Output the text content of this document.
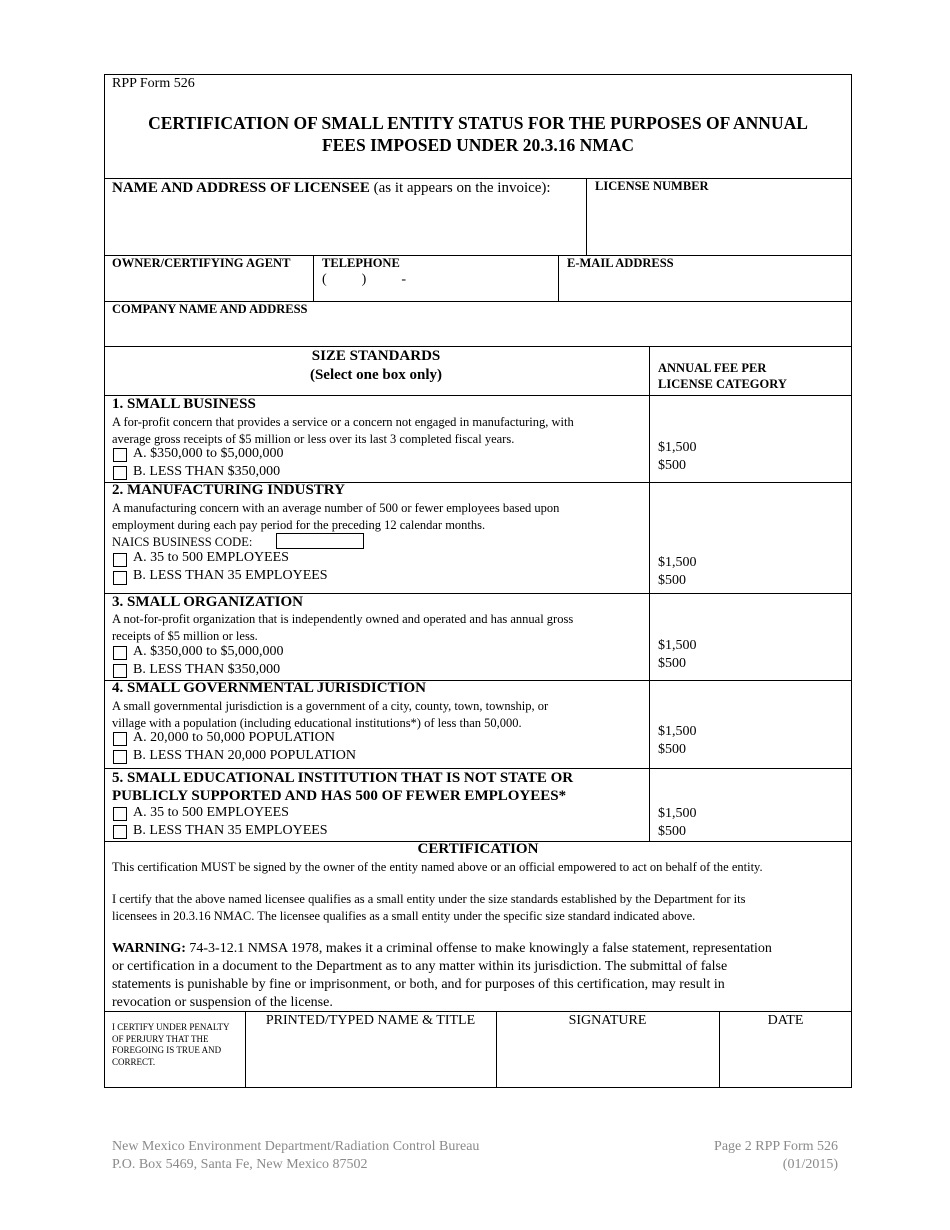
RPP Form 526
CERTIFICATION OF SMALL ENTITY STATUS FOR THE PURPOSES OF ANNUAL
FEES IMPOSED UNDER 20.3.16 NMAC
NAME AND ADDRESS OF LICENSEE (as it appears on the invoice):	LICENSE NUMBER
OWNER/CERTIFYING AGENT	TELEPHONE
(          )          -
E-MAIL ADDRESS
COMPANY NAME AND ADDRESS
SIZE STANDARDS
(Select one box only)	ANNUAL FEE PER
LICENSE CATEGORY
1. SMALL BUSINESS
A for-profit concern that provides a service or a concern not engaged in manufacturing, with
average gross receipts of $5 million or less over its last 3 completed fiscal years.
A. $350,000 to $5,000,000
B. LESS THAN $350,000
$1,500
$500
2. MANUFACTURING INDUSTRY
A manufacturing concern with an average number of 500 or fewer employees based upon
employment during each pay period for the preceding 12 calendar months.
NAICS BUSINESS CODE:
A. 35 to 500 EMPLOYEES
B. LESS THAN 35 EMPLOYEES
$1,500
$500
3. SMALL ORGANIZATION
A not-for-profit organization that is independently owned and operated and has annual gross
receipts of $5 million or less.
A. $350,000 to $5,000,000
B. LESS THAN $350,000
$1,500
$500
4. SMALL GOVERNMENTAL JURISDICTION
A small governmental jurisdiction is a government of a city, county, town, township, or
village with a population (including educational institutions*) of less than 50,000.
A. 20,000 to 50,000 POPULATION
B. LESS THAN 20,000 POPULATION
$1,500
$500
5. SMALL EDUCATIONAL INSTITUTION THAT IS NOT STATE OR
PUBLICLY SUPPORTED AND HAS 500 OF FEWER EMPLOYEES*
A. 35 to 500 EMPLOYEES
B. LESS THAN 35 EMPLOYEES
$1,500
$500
CERTIFICATION
This certification MUST be signed by the owner of the entity named above or an official empowered to act on behalf of the entity.
I certify that the above named licensee qualifies as a small entity under the size standards established by the Department for its
licensees in 20.3.16 NMAC. The licensee qualifies as a small entity under the specific size standard indicated above.
WARNING: 74-3-12.1 NMSA 1978, makes it a criminal offense to make knowingly a false statement, representation
or certification in a document to the Department as to any matter within its jurisdiction. The submittal of false
statements is punishable by fine or imprisonment, or both, and for purposes of this certification, may result in
revocation or suspension of the license.
I CERTIFY UNDER PENALTY
OF PERJURY THAT THE
FOREGOING IS TRUE AND
CORRECT.
PRINTED/TYPED NAME & TITLE	SIGNATURE	DATE
New Mexico Environment Department/Radiation Control Bureau
P.O. Box 5469, Santa Fe, New Mexico 87502
Page 2 RPP Form 526
(01/2015)
